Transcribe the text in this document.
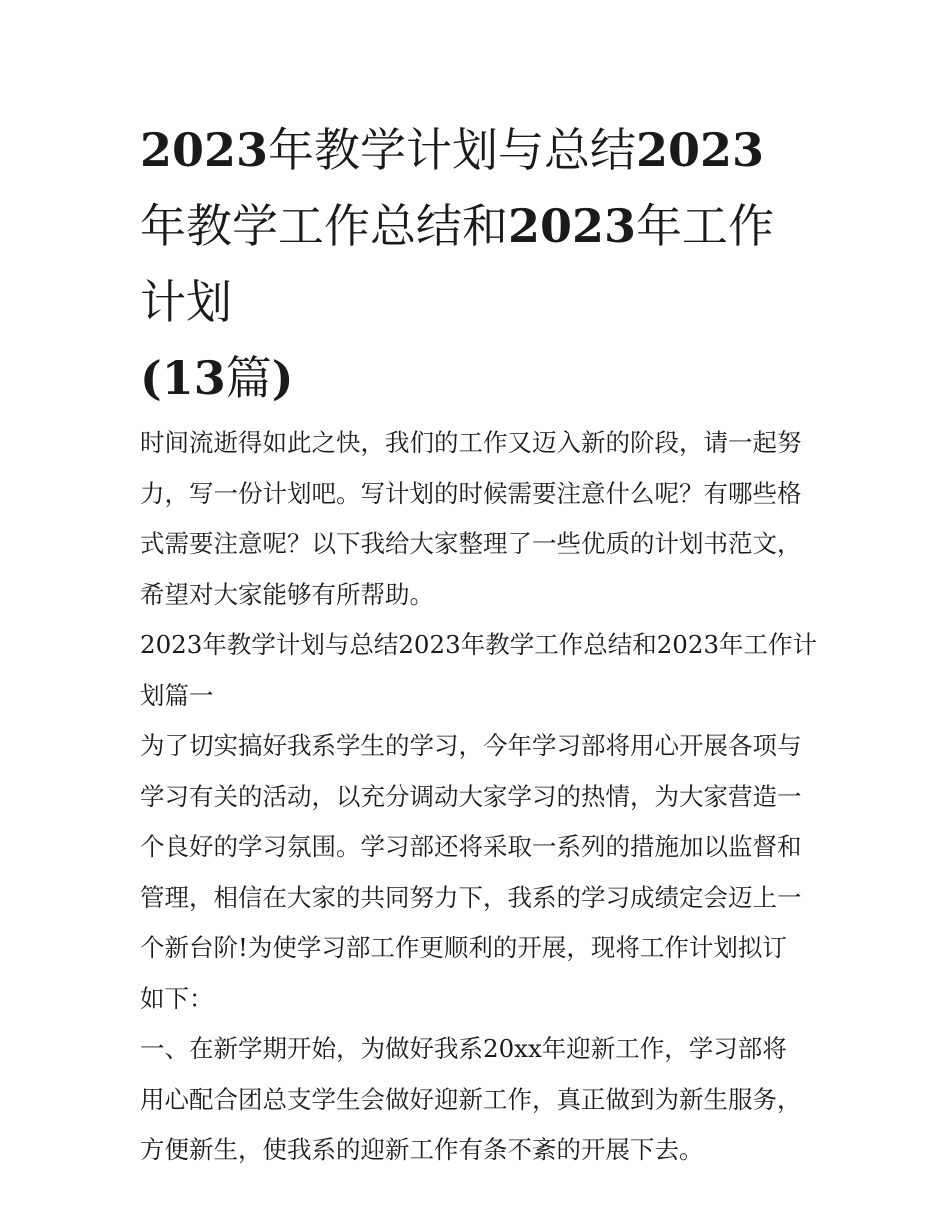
2023年教学计划与总结2023
年教学工作总结和2023年工作计划
(13篇)
时间流逝得如此之快，我们的工作又迈入新的阶段，请一起努
力，写一份计划吧。写计划的时候需要注意什么呢？有哪些格
式需要注意呢？以下我给大家整理了一些优质的计划书范文，
希望对大家能够有所帮助。
2023年教学计划与总结2023年教学工作总结和2023年工作计
划篇一
为了切实搞好我系学生的学习，今年学习部将用心开展各项与
学习有关的活动，以充分调动大家学习的热情，为大家营造一
个良好的学习氛围。学习部还将采取一系列的措施加以监督和
管理，相信在大家的共同努力下，我系的学习成绩定会迈上一
个新台阶!为使学习部工作更顺利的开展，现将工作计划拟订
如下：
一、在新学期开始，为做好我系20xx年迎新工作，学习部将
用心配合团总支学生会做好迎新工作，真正做到为新生服务，
方便新生，使我系的迎新工作有条不紊的开展下去。
